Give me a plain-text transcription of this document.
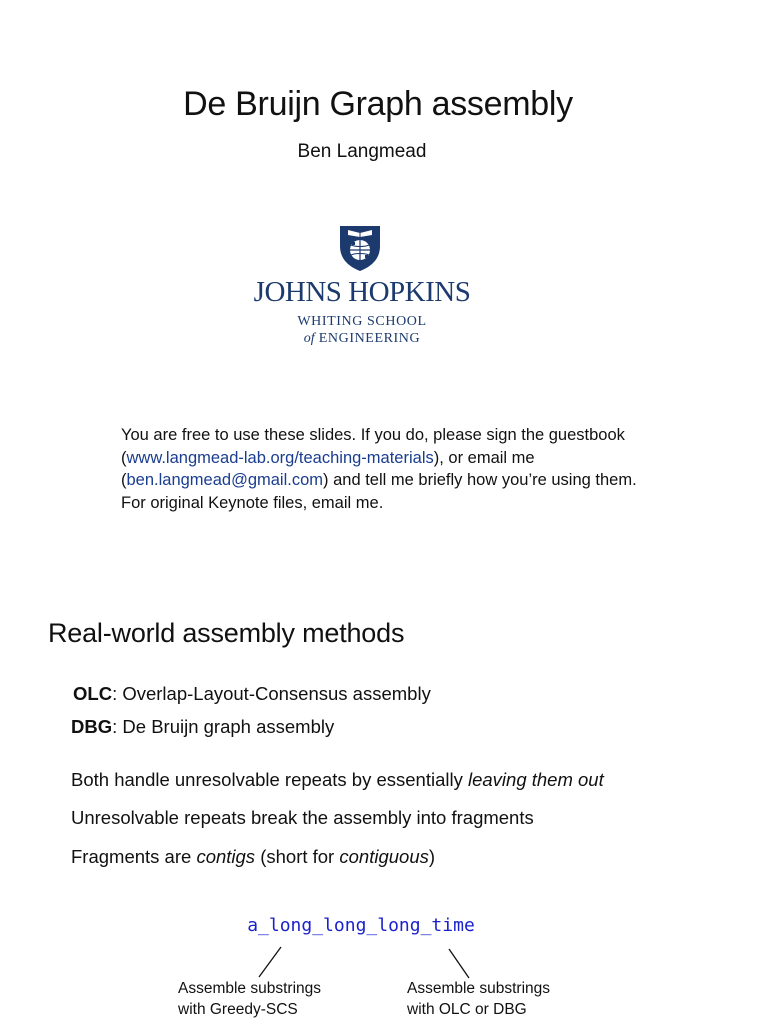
De Bruijn Graph assembly
Ben Langmead
JOHNS HOPKINS
WHITING SCHOOL
of ENGINEERING
You are free to use these slides. If you do, please sign the guestbook (www.langmead-lab.org/teaching-materials), or email me (ben.langmead@gmail.com) and tell me briefly how you’re using them. For original Keynote files, email me.
Real-world assembly methods
OLC: Overlap-Layout-Consensus assembly
DBG: De Bruijn graph assembly
Both handle unresolvable repeats by essentially leaving them out
Unresolvable repeats break the assembly into fragments
Fragments are contigs (short for contiguous)
a_long_long_long_time
Assemble substrings
with Greedy-SCS
Assemble substrings
with OLC or DBG
